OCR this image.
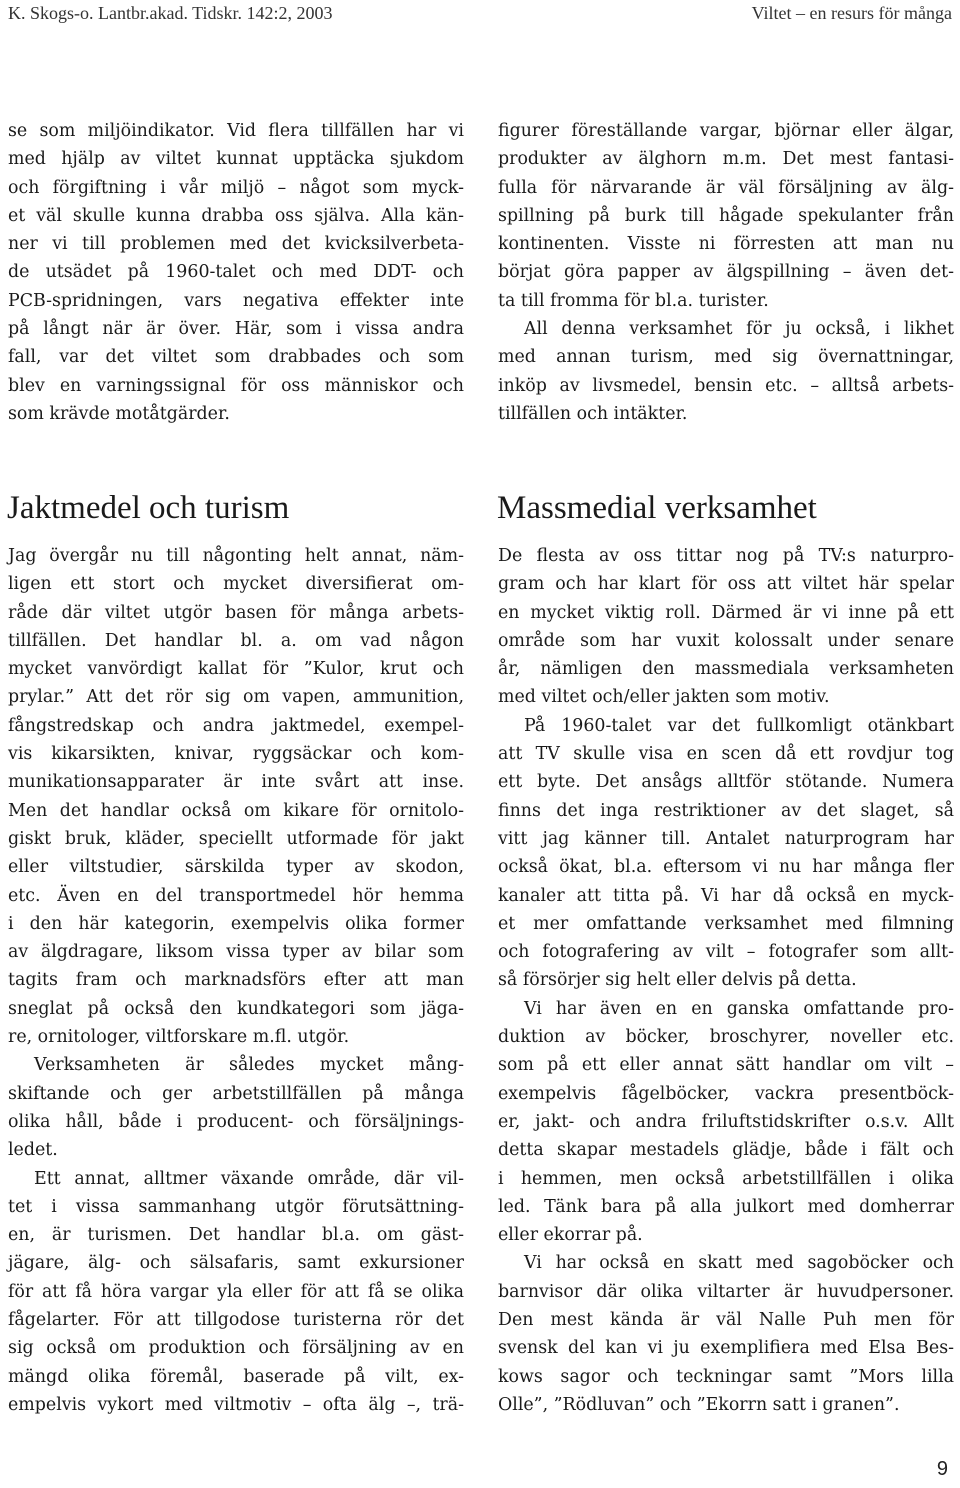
K. Skogs-o. Lantbr.akad. Tidskr. 142:2, 2003	Viltet – en resurs för många
se som miljöindikator. Vid flera tillfällen har vi
med hjälp av viltet kunnat upptäcka sjukdom
och förgiftning i vår miljö – något som myck-
et väl skulle kunna drabba oss själva. Alla kän-
ner vi till problemen med det kvicksilverbeta-
de utsädet på 1960-talet och med DDT- och
PCB-spridningen, vars negativa effekter inte
på långt när är över. Här, som i vissa andra
fall, var det viltet som drabbades och som
blev en varningssignal för oss människor och
som krävde motåtgärder.
figurer föreställande vargar, björnar eller älgar,
produkter av älghorn m.m. Det mest fantasi-
fulla för närvarande är väl försäljning av älg-
spillning på burk till hågade spekulanter från
kontinenten. Visste ni förresten att man nu
börjat göra papper av älgspillning – även det-
ta till fromma för bl.a. turister.
All denna verksamhet för ju också, i likhet
med annan turism, med sig övernattningar,
inköp av livsmedel, bensin etc. – alltså arbets-
tillfällen och intäkter.
Jaktmedel och turism	Massmedial verksamhet
Jag övergår nu till någonting helt annat, näm-
ligen ett stort och mycket diversifierat om-
råde där viltet utgör basen för många arbets-
tillfällen. Det handlar bl. a. om vad någon
mycket vanvördigt kallat för ”Kulor, krut och
prylar.” Att det rör sig om vapen, ammunition,
fångstredskap och andra jaktmedel, exempel-
vis kikarsikten, knivar, ryggsäckar och kom-
munikationsapparater är inte svårt att inse.
Men det handlar också om kikare för ornitolo-
giskt bruk, kläder, speciellt utformade för jakt
eller viltstudier, särskilda typer av skodon,
etc. Även en del transportmedel hör hemma
i den här kategorin, exempelvis olika former
av älgdragare, liksom vissa typer av bilar som
tagits fram och marknadsförs efter att man
sneglat på också den kundkategori som jäga-
re, ornitologer, viltforskare m.fl. utgör.
Verksamheten är således mycket mång-
skiftande och ger arbetstillfällen på många
olika håll, både i producent- och försäljnings-
ledet.
Ett annat, alltmer växande område, där vil-
tet i vissa sammanhang utgör förutsättning-
en, är turismen. Det handlar bl.a. om gäst-
jägare, älg- och sälsafaris, samt exkursioner
för att få höra vargar yla eller för att få se olika
fågelarter. För att tillgodose turisterna rör det
sig också om produktion och försäljning av en
mängd olika föremål, baserade på vilt, ex-
empelvis vykort med viltmotiv – ofta älg –, trä-
De flesta av oss tittar nog på TV:s naturpro-
gram och har klart för oss att viltet här spelar
en mycket viktig roll. Därmed är vi inne på ett
område som har vuxit kolossalt under senare
år, nämligen den massmediala verksamheten
med viltet och/eller jakten som motiv.
På 1960-talet var det fullkomligt otänkbart
att TV skulle visa en scen då ett rovdjur tog
ett byte. Det ansågs alltför stötande. Numera
finns det inga restriktioner av det slaget, så
vitt jag känner till. Antalet naturprogram har
också ökat, bl.a. eftersom vi nu har många fler
kanaler att titta på. Vi har då också en myck-
et mer omfattande verksamhet med filmning
och fotografering av vilt – fotografer som allt-
så försörjer sig helt eller delvis på detta.
Vi har även en en ganska omfattande pro-
duktion av böcker, broschyrer, noveller etc.
som på ett eller annat sätt handlar om vilt –
exempelvis fågelböcker, vackra presentböck-
er, jakt- och andra friluftstidskrifter o.s.v. Allt
detta skapar mestadels glädje, både i fält och
i hemmen, men också arbetstillfällen i olika
led. Tänk bara på alla julkort med domherrar
eller ekorrar på.
Vi har också en skatt med sagoböcker och
barnvisor där olika viltarter är huvudpersoner.
Den mest kända är väl Nalle Puh men för
svensk del kan vi ju exemplifiera med Elsa Bes-
kows sagor och teckningar samt ”Mors lilla
Olle”, ”Rödluvan” och ”Ekorrn satt i granen”.
9
